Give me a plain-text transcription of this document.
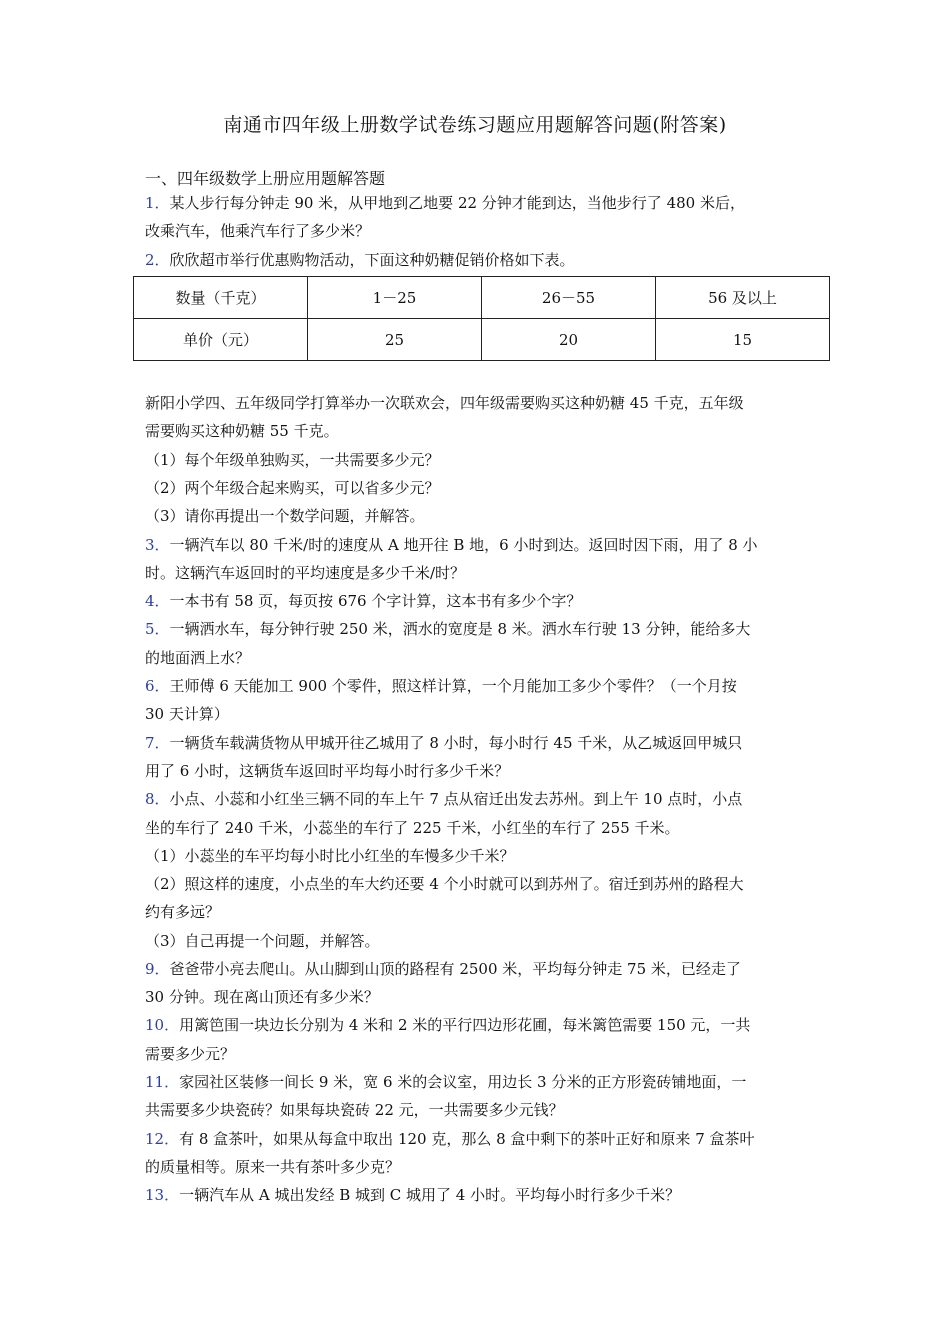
南通市四年级上册数学试卷练习题应用题解答问题(附答案)
一、四年级数学上册应用题解答题
1．某人步行每分钟走 90 米，从甲地到乙地要 22 分钟才能到达，当他步行了 480 米后，
改乘汽车，他乘汽车行了多少米？
2．欣欣超市举行优惠购物活动，下面这种奶糖促销价格如下表。
数量（千克）	1－25	26－55	56 及以上
单价（元）	25	20	15
新阳小学四、五年级同学打算举办一次联欢会，四年级需要购买这种奶糖 45 千克，五年级
需要购买这种奶糖 55 千克。
（1）每个年级单独购买，一共需要多少元？
（2）两个年级合起来购买，可以省多少元？
（3）请你再提出一个数学问题，并解答。
3．一辆汽车以 80 千米/时的速度从 A 地开往 B 地，6 小时到达。返回时因下雨，用了 8 小
时。这辆汽车返回时的平均速度是多少千米/时？
4．一本书有 58 页，每页按 676 个字计算，这本书有多少个字？
5．一辆洒水车，每分钟行驶 250 米，洒水的宽度是 8 米。洒水车行驶 13 分钟，能给多大
的地面洒上水？
6．王师傅 6 天能加工 900 个零件，照这样计算，一个月能加工多少个零件？（一个月按
30 天计算）
7．一辆货车载满货物从甲城开往乙城用了 8 小时，每小时行 45 千米，从乙城返回甲城只
用了 6 小时，这辆货车返回时平均每小时行多少千米？
8．小点、小蕊和小红坐三辆不同的车上午 7 点从宿迁出发去苏州。到上午 10 点时，小点
坐的车行了 240 千米，小蕊坐的车行了 225 千米，小红坐的车行了 255 千米。
（1）小蕊坐的车平均每小时比小红坐的车慢多少千米？
（2）照这样的速度，小点坐的车大约还要 4 个小时就可以到苏州了。宿迁到苏州的路程大
约有多远？
（3）自己再提一个问题，并解答。
9．爸爸带小亮去爬山。从山脚到山顶的路程有 2500 米，平均每分钟走 75 米，已经走了
30 分钟。现在离山顶还有多少米？
10．用篱笆围一块边长分别为 4 米和 2 米的平行四边形花圃，每米篱笆需要 150 元，一共
需要多少元？
11．家园社区装修一间长 9 米，宽 6 米的会议室，用边长 3 分米的正方形瓷砖铺地面，一
共需要多少块瓷砖？如果每块瓷砖 22 元，一共需要多少元钱？
12．有 8 盒茶叶，如果从每盒中取出 120 克，那么 8 盒中剩下的茶叶正好和原来 7 盒茶叶
的质量相等。原来一共有茶叶多少克？
13．一辆汽车从 A 城出发经 B 城到 C 城用了 4 小时。平均每小时行多少千米？
